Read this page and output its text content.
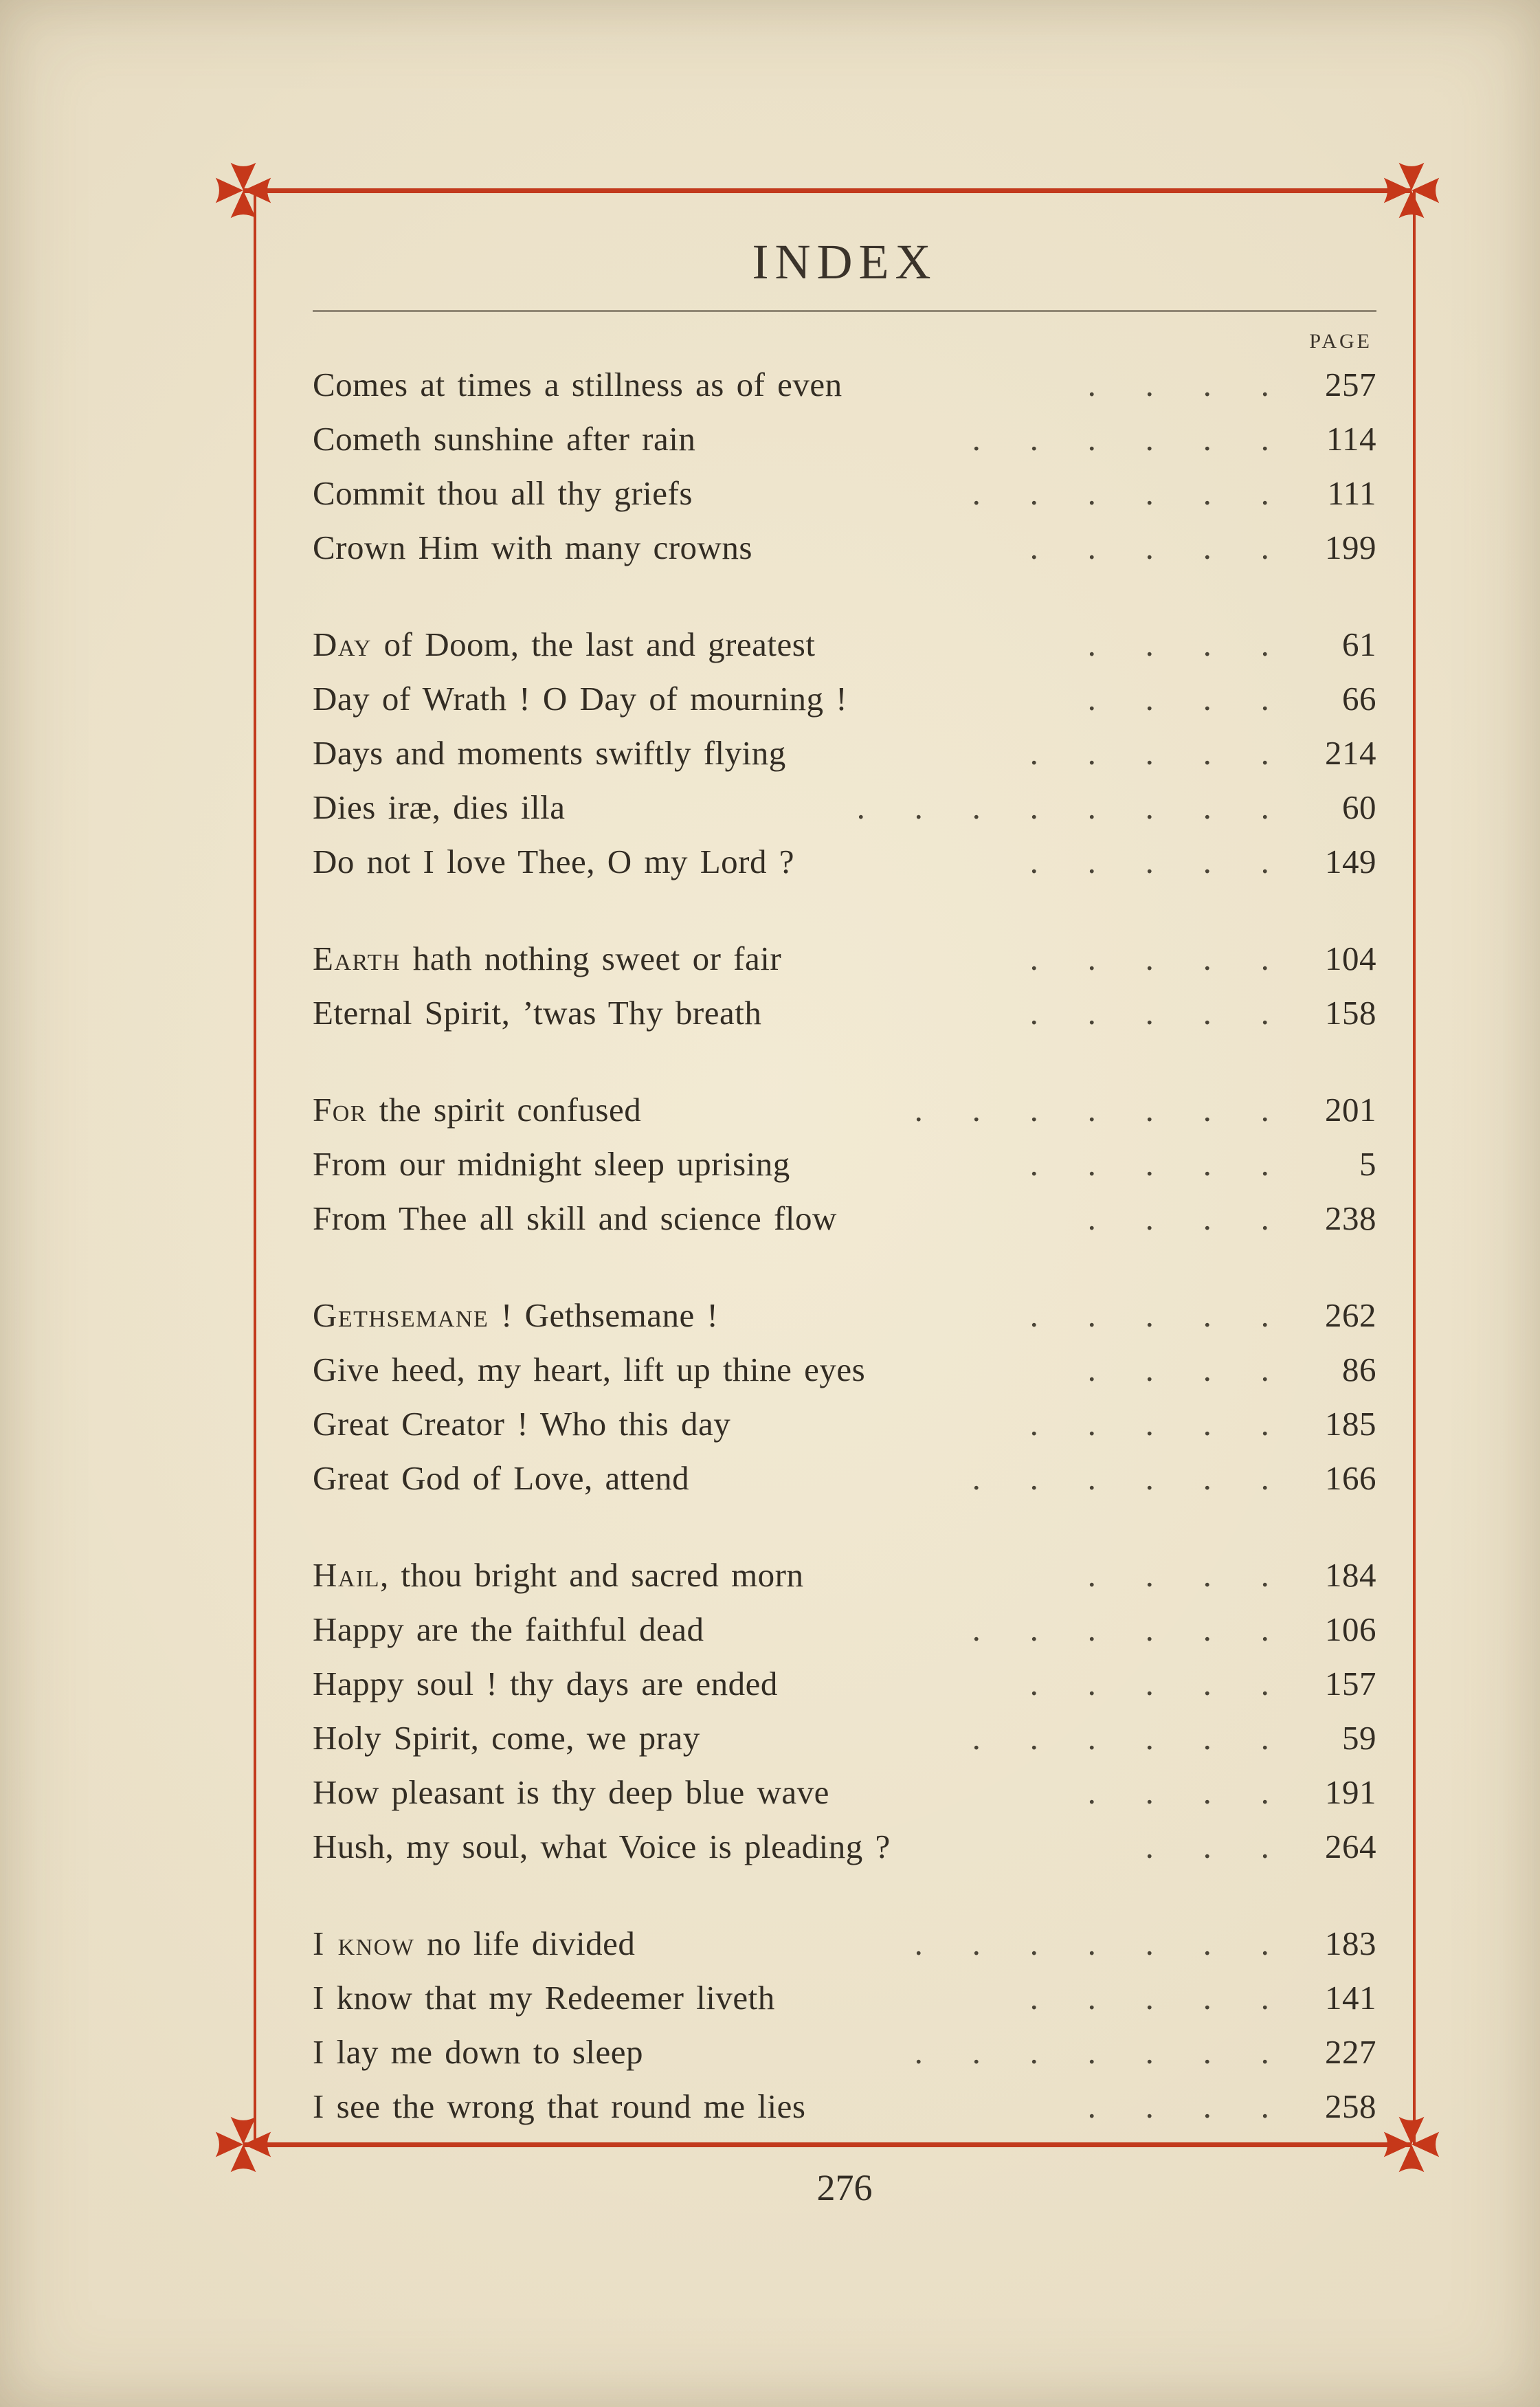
INDEX
PAGE
Comes at times a stillness as of even	.	.	.	.	257
Cometh sunshine after rain	.	.	.	.	.	.	114
Commit thou all thy griefs	.	.	.	.	.	.	111
Crown Him with many crowns	.	.	.	.	.	199
Day of Doom, the last and greatest	.	.	.	.	61
Day of Wrath ! O Day of mourning !	.	.	.	.	66
Days and moments swiftly flying	.	.	.	.	.	214
Dies iræ, dies illa	.	.	.	.	.	.	.	.	60
Do not I love Thee, O my Lord ?	.	.	.	.	.	149
Earth hath nothing sweet or fair	.	.	.	.	.	104
Eternal Spirit, ’twas Thy breath	.	.	.	.	.	158
For the spirit confused	.	.	.	.	.	.	.	201
From our midnight sleep uprising	.	.	.	.	.	5
From Thee all skill and science flow	.	.	.	.	238
Gethsemane ! Gethsemane !	.	.	.	.	.	262
Give heed, my heart, lift up thine eyes	.	.	.	.	86
Great Creator ! Who this day	.	.	.	.	.	185
Great God of Love, attend	.	.	.	.	.	.	166
Hail, thou bright and sacred morn	.	.	.	.	184
Happy are the faithful dead	.	.	.	.	.	.	106
Happy soul ! thy days are ended	.	.	.	.	.	157
Holy Spirit, come, we pray	.	.	.	.	.	.	59
How pleasant is thy deep blue wave	.	.	.	.	191
Hush, my soul, what Voice is pleading ?	.	.	.	264
I know no life divided	.	.	.	.	.	.	.	183
I know that my Redeemer liveth	.	.	.	.	.	141
I lay me down to sleep	.	.	.	.	.	.	.	227
I see the wrong that round me lies	.	.	.	.	258
276
